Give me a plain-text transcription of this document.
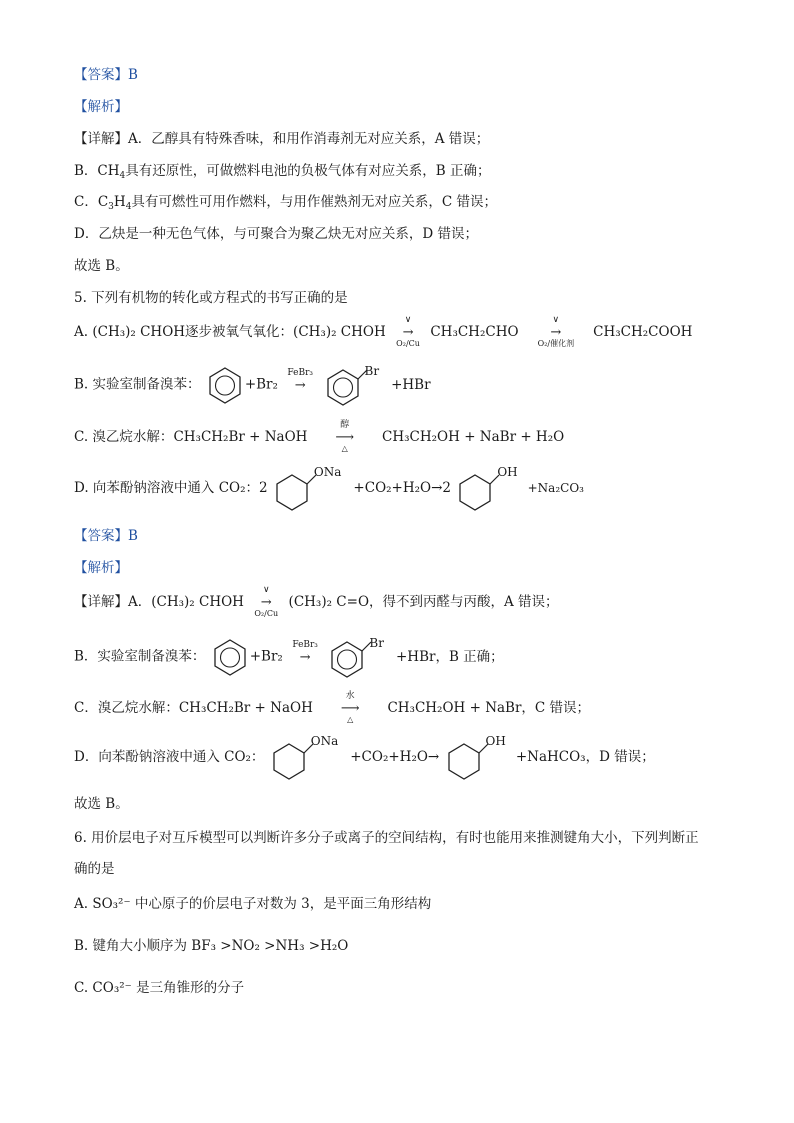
【答案】B
【解析】
【详解】A．乙醇具有特殊香味，和用作消毒剂无对应关系，A 错误；
B．$CH_4$具有还原性，可做燃料电池的负极气体有对应关系，B 正确；
C．$C_3H_4$具有可燃性可用作燃料，与用作催熟剂无对应关系，C 错误；
D．乙炔是一种无色气体，与可聚合为聚乙炔无对应关系，D 错误；
故选 B。
5. 下列有机物的转化或方程式的书写正确的是
A. (CH₃)₂ CHOH逐步被氧气氧化：(CH₃)₂ CHOH
∨
→
O₂/Cu
CH₃CH₂CHO
∨
→
O₂/催化剂
CH₃CH₂COOH
B. 实验室制备溴苯：	+Br₂
FeBr₃
→ Br+HBr
C. 溴乙烷水解：CH₃CH₂Br + NaOH
醇
⟶
△
CH₃CH₂OH + NaBr + H₂O
D. 向苯酚钠溶液中通入 CO₂：2 ONa+CO₂+H₂O→2 OH+Na₂CO₃
【答案】B
【解析】
【详解】A．(CH₃)₂ CHOH
∨
→
O₂/Cu
(CH₃)₂ C=O，得不到丙醛与丙酸，A 错误；
B．实验室制备溴苯：	+Br₂
FeBr₃
→ Br+HBr，B 正确；
C．溴乙烷水解：CH₃CH₂Br + NaOH
水
⟶
△
CH₃CH₂OH + NaBr，C 错误；
D．向苯酚钠溶液中通入 CO₂： ONa+CO₂+H₂O→ OH+NaHCO₃，D 错误；
故选 B。
6. 用价层电子对互斥模型可以判断许多分子或离子的空间结构，有时也能用来推测键角大小，下列判断正
确的是
A. SO₃²⁻ 中心原子的价层电子对数为 3，是平面三角形结构
B. 键角大小顺序为 BF₃ >NO₂ >NH₃ >H₂O
C. CO₃²⁻ 是三角锥形的分子
